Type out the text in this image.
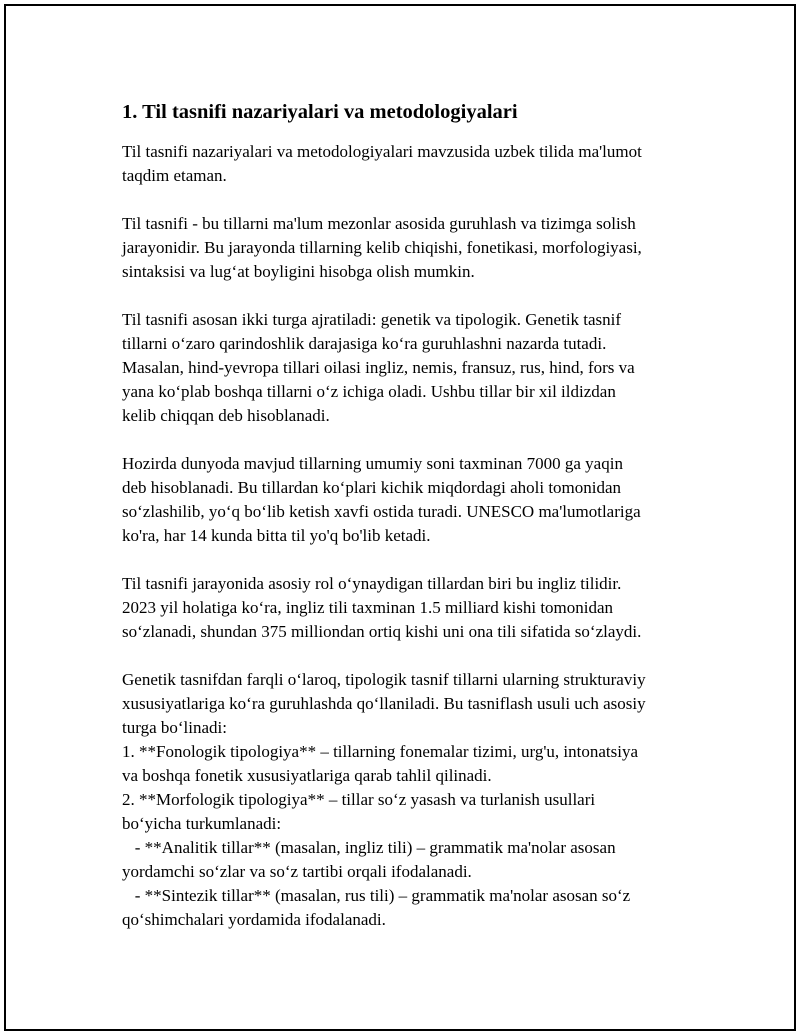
1. Til tasnifi nazariyalari va metodologiyalari
Til tasnifi nazariyalari va metodologiyalari mavzusida uzbek tilida ma'lumot
taqdim etaman.
Til tasnifi - bu tillarni ma'lum mezonlar asosida guruhlash va tizimga solish
jarayonidir. Bu jarayonda tillarning kelib chiqishi, fonetikasi, morfologiyasi,
sintaksisi va lug‘at boyligini hisobga olish mumkin.
Til tasnifi asosan ikki turga ajratiladi: genetik va tipologik. Genetik tasnif
tillarni o‘zaro qarindoshlik darajasiga ko‘ra guruhlashni nazarda tutadi.
Masalan, hind-yevropa tillari oilasi ingliz, nemis, fransuz, rus, hind, fors va
yana ko‘plab boshqa tillarni o‘z ichiga oladi. Ushbu tillar bir xil ildizdan
kelib chiqqan deb hisoblanadi.
Hozirda dunyoda mavjud tillarning umumiy soni taxminan 7000 ga yaqin
deb hisoblanadi. Bu tillardan ko‘plari kichik miqdordagi aholi tomonidan
so‘zlashilib, yo‘q bo‘lib ketish xavfi ostida turadi. UNESCO ma'lumotlariga
ko'ra, har 14 kunda bitta til yo'q bo'lib ketadi.
Til tasnifi jarayonida asosiy rol o‘ynaydigan tillardan biri bu ingliz tilidir.
2023 yil holatiga ko‘ra, ingliz tili taxminan 1.5 milliard kishi tomonidan
so‘zlanadi, shundan 375 milliondan ortiq kishi uni ona tili sifatida so‘zlaydi.
Genetik tasnifdan farqli o‘laroq, tipologik tasnif tillarni ularning strukturaviy
xususiyatlariga ko‘ra guruhlashda qo‘llaniladi. Bu tasniflash usuli uch asosiy
turga bo‘linadi:
1. **Fonologik tipologiya** – tillarning fonemalar tizimi, urg'u, intonatsiya
va boshqa fonetik xususiyatlariga qarab tahlil qilinadi.
2. **Morfologik tipologiya** – tillar so‘z yasash va turlanish usullari
bo‘yicha turkumlanadi:
- **Analitik tillar** (masalan, ingliz tili) – grammatik ma'nolar asosan
yordamchi so‘zlar va so‘z tartibi orqali ifodalanadi.
- **Sintezik tillar** (masalan, rus tili) – grammatik ma'nolar asosan so‘z
qo‘shimchalari yordamida ifodalanadi.
